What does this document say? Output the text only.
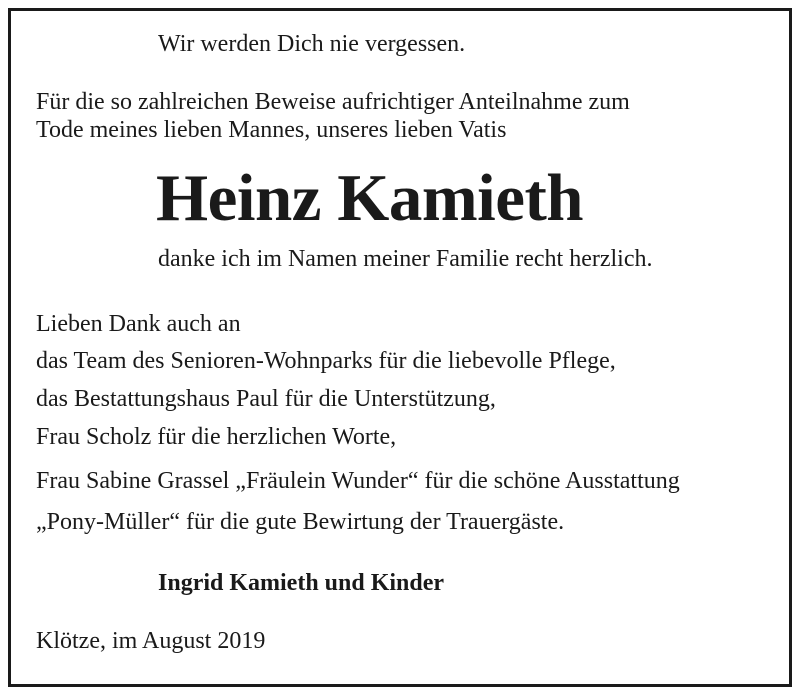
Wir werden Dich nie vergessen.
Für die so zahlreichen Beweise aufrichtiger Anteilnahme zum
Tode meines lieben Mannes, unseres lieben Vatis
Heinz Kamieth
danke ich im Namen meiner Familie recht herzlich.
Lieben Dank auch an
das Team des Senioren-Wohnparks für die liebevolle Pflege,
das Bestattungshaus Paul für die Unterstützung,
Frau Scholz für die herzlichen Worte,
Frau Sabine Grassel „Fräulein Wunder“ für die schöne Ausstattung
„Pony-Müller“ für die gute Bewirtung der Trauergäste.
Ingrid Kamieth und Kinder
Klötze, im August 2019
